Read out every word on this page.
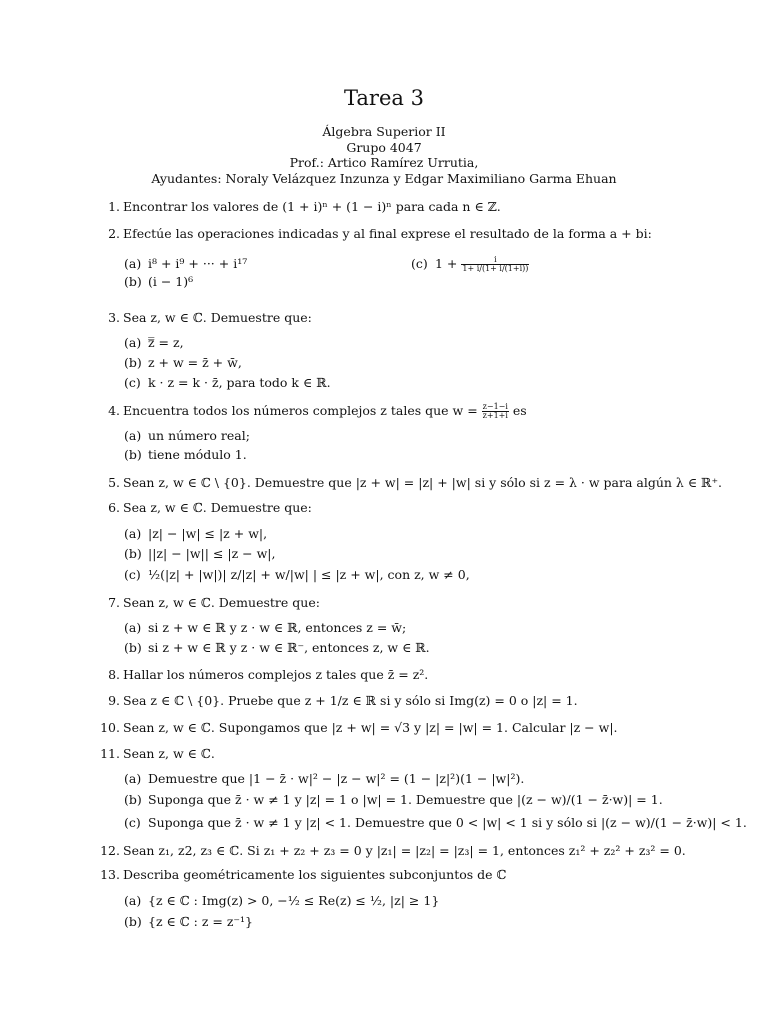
Tarea 3
Álgebra Superior II
Grupo 4047
Prof.: Artico Ramírez Urrutia,
Ayudantes: Noraly Velázquez Inzunza y Edgar Maximiliano Garma Ehuan
1. Encontrar los valores de (1 + i)ⁿ + (1 − i)ⁿ para cada n ∈ ℤ.
2. Efectúe las operaciones indicadas y al final exprese el resultado de la forma a + bi:
(a) i⁸ + i⁹ + ··· + i¹⁷	(c) $1 + \frac{i}{1+ i/(1+ i/(1+i))}$
(b) (i − 1)⁶
3. Sea z, w ∈ ℂ. Demuestre que:
(a) z̿ = z,
(b) z + w = z̄ + w̄,
(c) k · z = k · z̄, para todo k ∈ ℝ.
4. Encuentra todos los números complejos z tales que $w = \frac{z-1-i}{z+1+i}$ es
(a) un número real;
(b) tiene módulo 1.
5. Sean z, w ∈ ℂ \ {0}. Demuestre que |z + w| = |z| + |w| si y sólo si z = λ · w para algún λ ∈ ℝ⁺.
6. Sea z, w ∈ ℂ. Demuestre que:
(a) |z| − |w| ≤ |z + w|,
(b) ||z| − |w|| ≤ |z − w|,
(c) ½(|z| + |w|)| z/|z| + w/|w| | ≤ |z + w|, con z, w ≠ 0,
7. Sean z, w ∈ ℂ. Demuestre que:
(a) si z + w ∈ ℝ y z · w ∈ ℝ, entonces z = w̄;
(b) si z + w ∈ ℝ y z · w ∈ ℝ⁻, entonces z, w ∈ ℝ.
8. Hallar los números complejos z tales que z̄ = z².
9. Sea z ∈ ℂ \ {0}. Pruebe que z + 1/z ∈ ℝ si y sólo si Img(z) = 0 o |z| = 1.
10. Sean z, w ∈ ℂ. Supongamos que |z + w| = √3 y |z| = |w| = 1. Calcular |z − w|.
11. Sean z, w ∈ ℂ.
(a) Demuestre que |1 − z̄ · w|² − |z − w|² = (1 − |z|²)(1 − |w|²).
(b) Suponga que z̄ · w ≠ 1 y |z| = 1 o |w| = 1. Demuestre que |(z − w)/(1 − z̄·w)| = 1.
(c) Suponga que z̄ · w ≠ 1 y |z| < 1. Demuestre que 0 < |w| < 1 si y sólo si |(z − w)/(1 − z̄·w)| < 1.
12. Sean z₁, z2, z₃ ∈ ℂ. Si z₁ + z₂ + z₃ = 0 y |z₁| = |z₂| = |z₃| = 1, entonces z₁² + z₂² + z₃² = 0.
13. Describa geométricamente los siguientes subconjuntos de ℂ
(a) {z ∈ ℂ : Img(z) > 0, −½ ≤ Re(z) ≤ ½, |z| ≥ 1}
(b) {z ∈ ℂ : z = z⁻¹}
